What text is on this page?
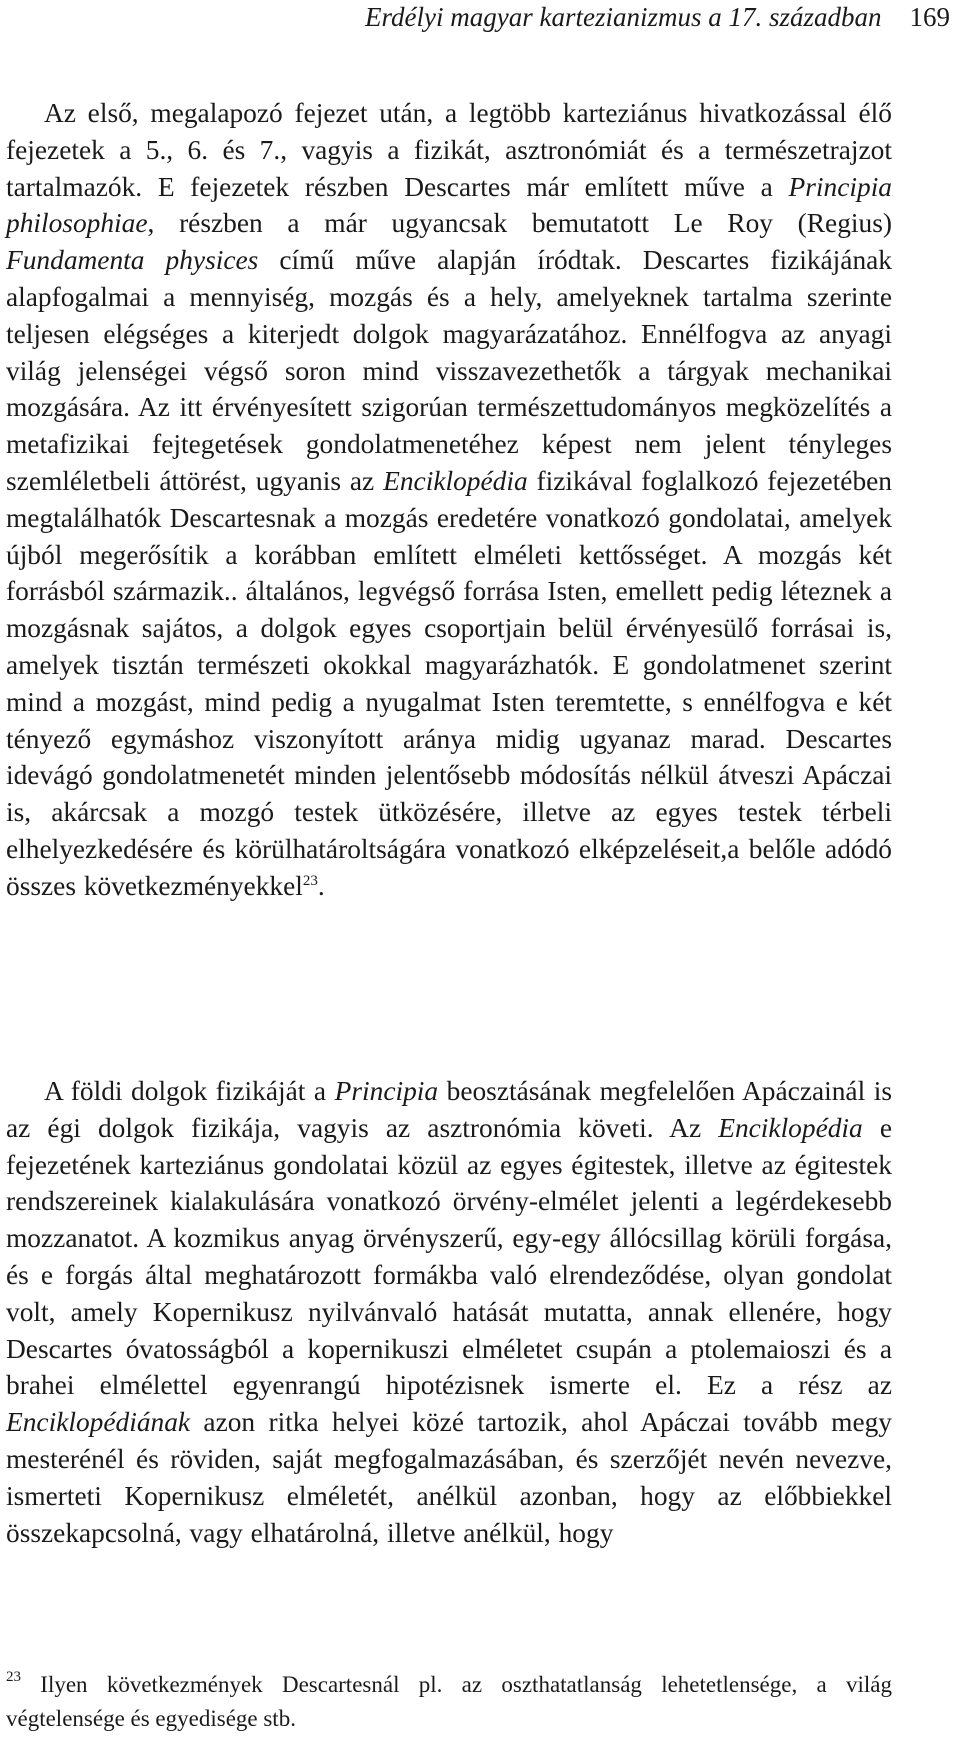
Erdélyi magyar kartezianizmus a 17. században 169

Az első, megalapozó fejezet után, a legtöbb karteziánus hivatkozással élő fejezetek a 5., 6. és 7., vagyis a fizikát, asztronómiát és a természetrajzot tartalmazók. E fejezetek részben Descartes már említett műve a Principia philosophiae, részben a már ugyancsak bemutatott Le Roy (Regius) Fundamenta physices című műve alapján íródtak. Descartes fizikájának alapfogalmai a mennyiség, mozgás és a hely, amelyeknek tartalma szerinte teljesen elégséges a kiterjedt dolgok magyarázatához. Ennélfogva az anyagi világ jelenségei végső soron mind visszavezethetők a tárgyak mechanikai mozgására. Az itt érvényesített szigorúan természettudományos megközelítés a metafizikai fejtegetések gondolatmenetéhez képest nem jelent tényleges szemléletbeli áttörést, ugyanis az Enciklopédia fizikával foglalkozó fejezetében megtalálhatók Descartesnak a mozgás eredetére vonatkozó gondolatai, amelyek újból megerősítik a korábban említett elméleti kettősséget. A mozgás két forrásból származik.. általános, legvégső forrása Isten, emellett pedig léteznek a mozgásnak sajátos, a dolgok egyes csoportjain belül érvényesülő forrásai is, amelyek tisztán természeti okokkal magyarázhatók. E gondolatmenet szerint mind a mozgást, mind pedig a nyugalmat Isten teremtette, s ennélfogva e két tényező egymáshoz viszonyított aránya midig ugyanaz marad. Descartes idevágó gondolatmenetét minden jelentősebb módosítás nélkül átveszi Apáczai is, akárcsak a mozgó testek ütközésére, illetve az egyes testek térbeli elhelyezkedésére és körülhatároltságára vonatkozó elképzeléseit,a belőle adódó összes következményekkel$^{23}$.

A földi dolgok fizikáját a Principia beosztásának megfelelően Apáczainál is az égi dolgok fizikája, vagyis az asztronómia követi. Az Enciklopédia e fejezetének karteziánus gondolatai közül az egyes égitestek, illetve az égitestek rendszereinek kialakulására vonatkozó örvény-elmélet jelenti a legérdekesebb mozzanatot. A kozmikus anyag örvényszerű, egy-egy állócsillag körüli forgása, és e forgás által meghatározott formákba való elrendeződése, olyan gondolat volt, amely Kopernikusz nyilvánvaló hatását mutatta, annak ellenére, hogy Descartes óvatosságból a kopernikuszi elméletet csupán a ptolemaioszi és a brahei elmélettel egyenrangú hipotézisnek ismerte el. Ez a rész az Enciklopédiának azon ritka helyei közé tartozik, ahol Apáczai tovább megy mesterénél és röviden, saját megfogalmazásában, és szerzőjét nevén nevezve, ismerteti Kopernikusz elméletét, anélkül azonban, hogy az előbbiekkel összekapcsolná, vagy elhatárolná, illetve anélkül, hogy

$^{23}$ Ilyen következmények Descartesnál pl. az oszthatatlanság lehetetlensége, a világ végtelensége és egyedisége stb.
